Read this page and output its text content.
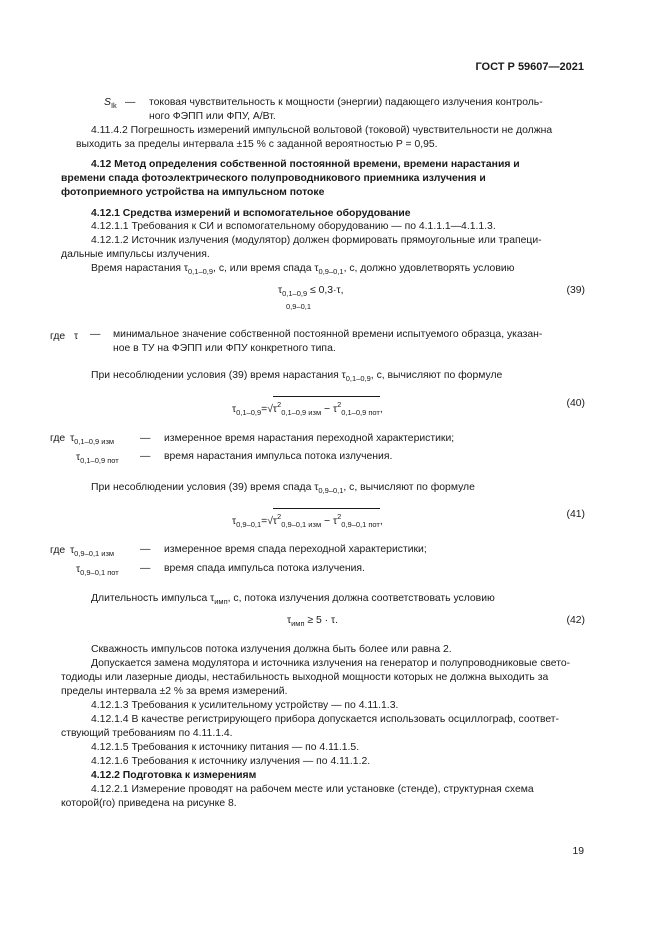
ГОСТ Р 59607—2021
$S_{Ik}$ — токовая чувствительность к мощности (энергии) падающего излучения контроль-
ного ФЭПП или ФПУ, А/Вт.
4.11.4.2 Погрешность измерений импульсной вольтовой (токовой) чувствительности не должна
выходить за пределы интервала ±15 % с заданной вероятностью P = 0,95.
4.12 Метод определения собственной постоянной времени, времени нарастания и
времени спада фотоэлектрического полупроводникового приемника излучения и
фотоприемного устройства на импульсном потоке
4.12.1 Средства измерений и вспомогательное оборудование
4.12.1.1 Требования к СИ и вспомогательному оборудованию — по 4.1.1.1—4.1.1.3.
4.12.1.2 Источник излучения (модулятор) должен формировать прямоугольные или трапеци-
дальные импульсы излучения.
Время нарастания $\tau_{0,1-0,9}$, с, или время спада $\tau_{0,9-0,1}$, с, должно удовлетворять условию
$\tau_{0,1-0,9} \le 0,3\cdot\tau$,
0,9–0,1
(39)
где τ — минимальное значение собственной постоянной времени испытуемого образца, указан-
ное в ТУ на ФЭПП или ФПУ конкретного типа.
При несоблюдении условия (39) время нарастания $\tau_{0,1-0,9}$, с, вычисляют по формуле
$\tau_{0,1-0,9}=√\tau^2_{0,1-0,9 изм} - \tau^2_{0,1-0,9 пот}$,
(40)
где $\tau_{0,1-0,9 изм}$ — измеренное время нарастания переходной характеристики;
$\tau_{0,1-0,9 пот}$ — время нарастания импульса потока излучения.
При несоблюдении условия (39) время спада $\tau_{0,9-0,1}$, с, вычисляют по формуле
$\tau_{0,9-0,1}=√\tau^2_{0,9-0,1 изм} - \tau^2_{0,9-0,1 пот}$,
(41)
где $\tau_{0,9-0,1 изм}$ — измеренное время спада переходной характеристики;
$\tau_{0,9-0,1 пот}$ — время спада импульса потока излучения.
Длительность импульса $\tau_{имп}$, с, потока излучения должна соответствовать условию
$\tau_{имп} \ge 5 \cdot \tau$.	(42)
Скважность импульсов потока излучения должна быть более или равна 2.
Допускается замена модулятора и источника излучения на генератор и полупроводниковые свето-
тодиоды или лазерные диоды, нестабильность выходной мощности которых не должна выходить за
пределы интервала ±2 % за время измерений.
4.12.1.3 Требования к усилительному устройству — по 4.11.1.3.
4.12.1.4 В качестве регистрирующего прибора допускается использовать осциллограф, соответ-
ствующий требованиям по 4.11.1.4.
4.12.1.5 Требования к источнику питания — по 4.11.1.5.
4.12.1.6 Требования к источнику излучения — по 4.11.1.2.
4.12.2 Подготовка к измерениям
4.12.2.1 Измерение проводят на рабочем месте или установке (стенде), структурная схема
которой(го) приведена на рисунке 8.
19
